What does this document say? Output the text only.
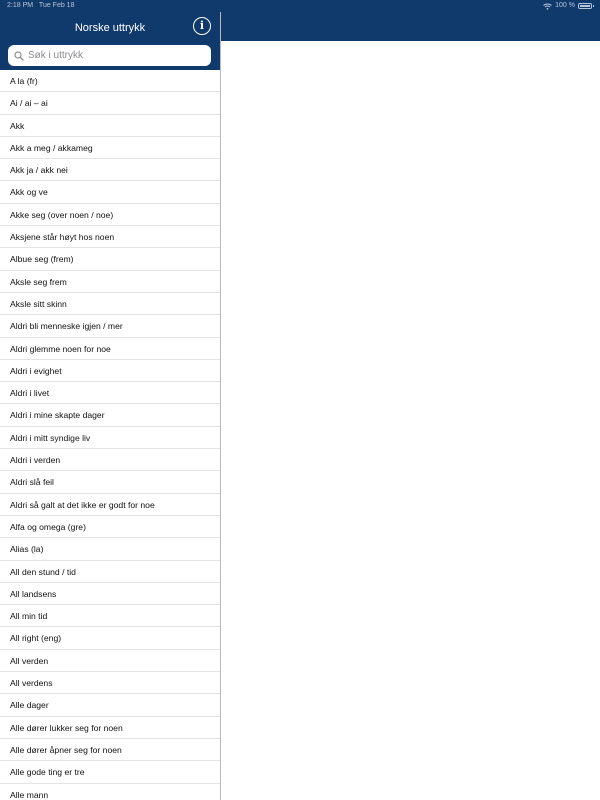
2:18 PM Tue Feb 18	100 %
Norske uttrykk	i
Søk i uttrykk
A la (fr)
Ai / ai – ai
Akk
Akk a meg / akkameg
Akk ja / akk nei
Akk og ve
Akke seg (over noen / noe)
Aksjene står høyt hos noen
Albue seg (frem)
Aksle seg frem
Aksle sitt skinn
Aldri bli menneske igjen / mer
Aldri glemme noen for noe
Aldri i evighet
Aldri i livet
Aldri i mine skapte dager
Aldri i mitt syndige liv
Aldri i verden
Aldri slå feil
Aldri så galt at det ikke er godt for noe
Alfa og omega (gre)
Alias (la)
All den stund / tid
All landsens
All min tid
All right (eng)
All verden
All verdens
Alle dager
Alle dører lukker seg for noen
Alle dører åpner seg for noen
Alle gode ting er tre
Alle mann
